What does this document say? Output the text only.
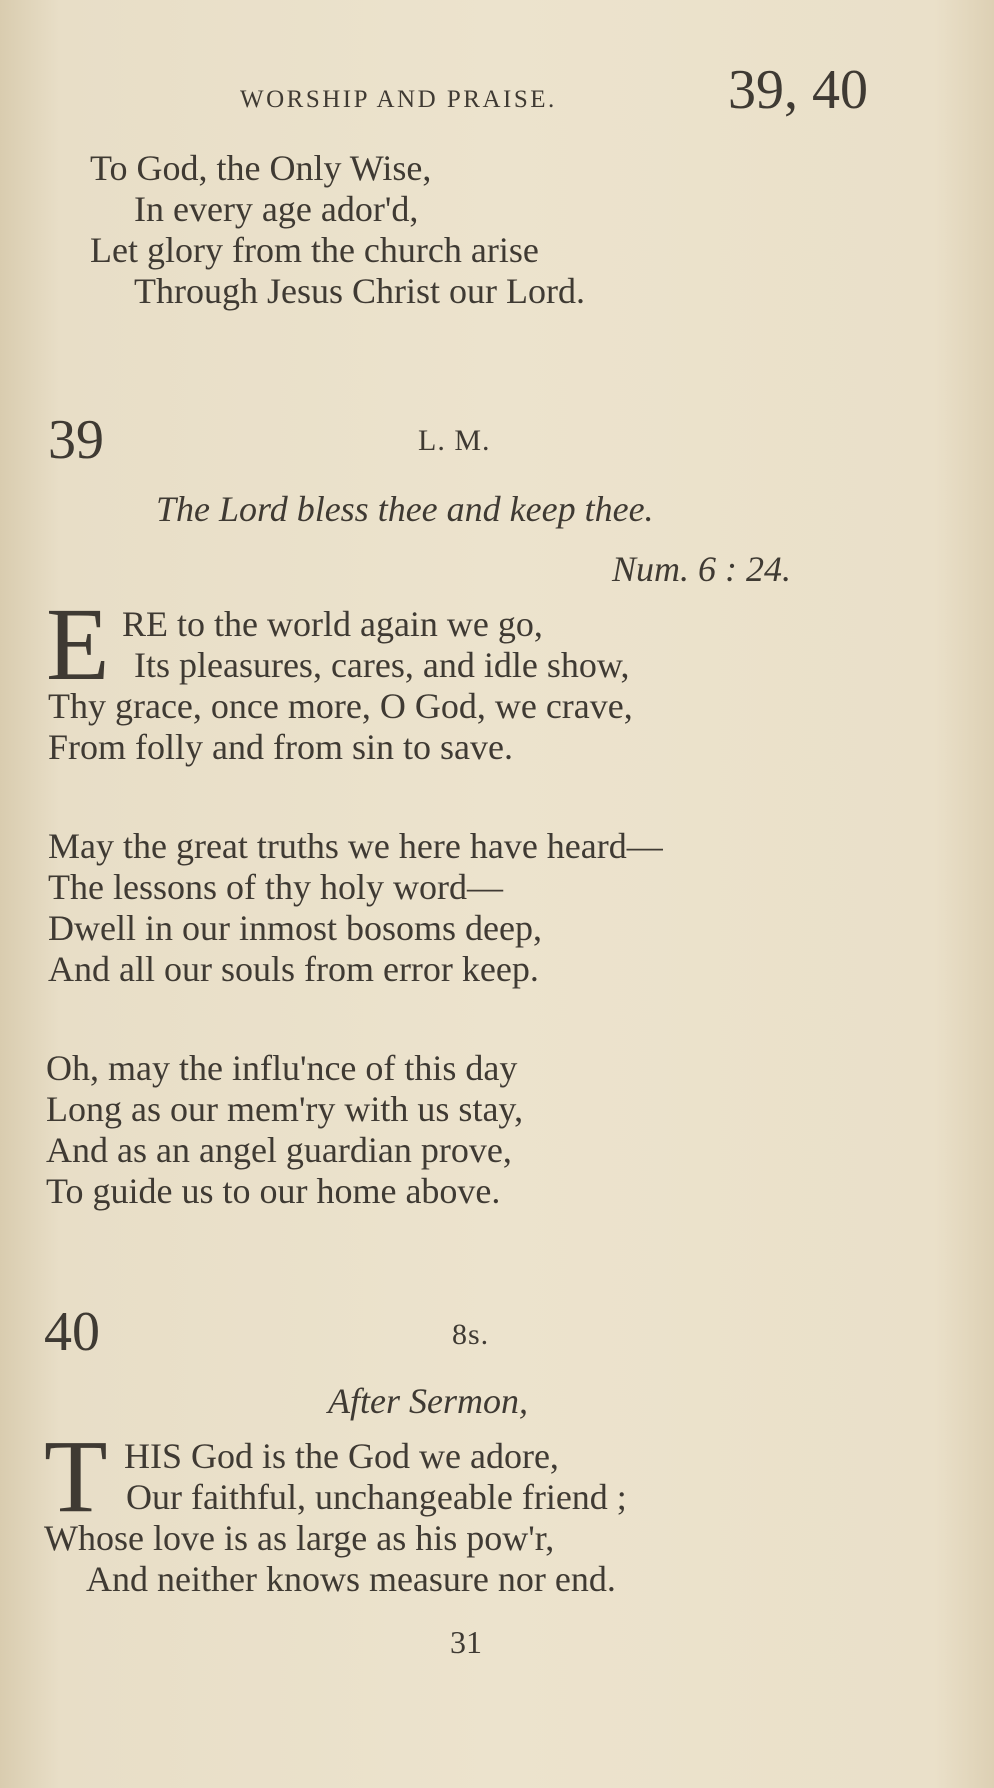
WORSHIP AND PRAISE.	39, 40
To God, the Only Wise,
In every age ador'd,
Let glory from the church arise
Through Jesus Christ our Lord.
39	L. M.
The Lord bless thee and keep thee.
Num. 6 : 24.
E RE to the world again we go,
Its pleasures, cares, and idle show,
Thy grace, once more, O God, we crave,
From folly and from sin to save.
May the great truths we here have heard—
The lessons of thy holy word—
Dwell in our inmost bosoms deep,
And all our souls from error keep.
Oh, may the influ'nce of this day
Long as our mem'ry with us stay,
And as an angel guardian prove,
To guide us to our home above.
40	8s.
After Sermon,
T HIS God is the God we adore,
Our faithful, unchangeable friend ;
Whose love is as large as his pow'r,
And neither knows measure nor end.
31
